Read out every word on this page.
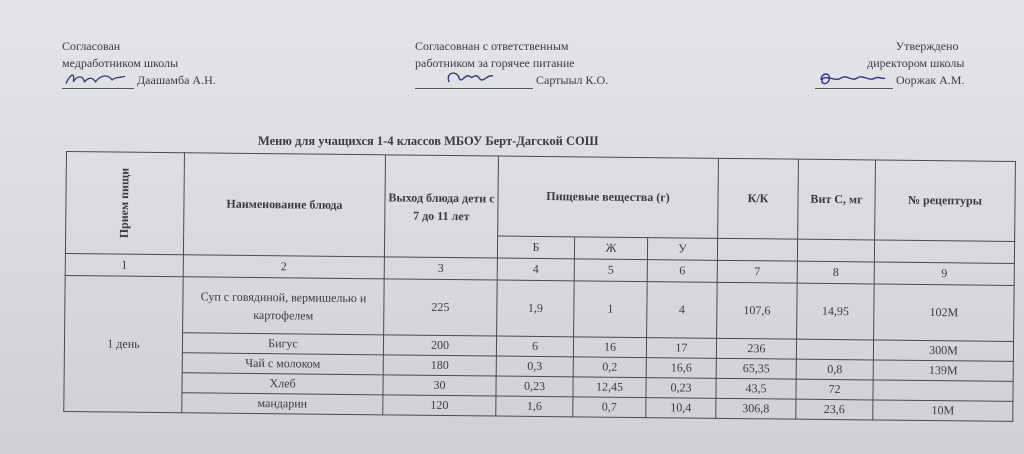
Согласован
медработником школы
Даашамба А.Н.
Согласовнан с ответственным
работником за горячее питание
Сартыыл К.О.
Утверждено
директором школы
Ооржак А.М.
Меню для учащихся 1-4 классов МБОУ Берт-Дагской СОШ
Прием пищи	Наименование блюда	Выход блюда дети с 7 до 11 лет	Пищевые вещества (г)			К/К	Вит С, мг	№ рецептуры
			Б	Ж	У			
1	2	3	4	5	6	7	8	9
1 день	Суп с говядиной, вермишелью и картофелем	225	1,9	1	4	107,6	14,95	102М
	Бигус	200	6	16	17	236		300М
	Чай с молоком	180	0,3	0,2	16,6	65,35	0,8	139М
	Хлеб	30	0,23	12,45	0,23	43,5	72	
	мандарин	120	1,6	0,7	10,4	306,8	23,6	10М
